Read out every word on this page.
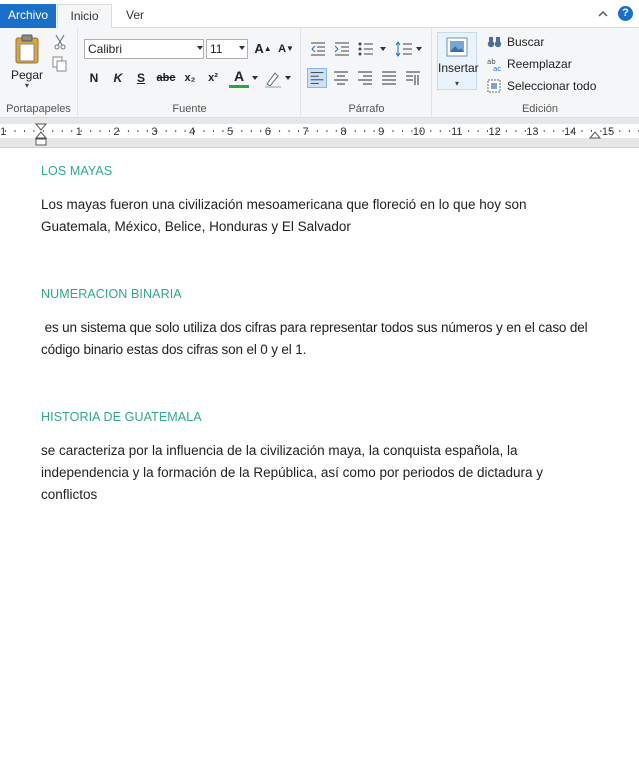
Archivo	Inicio	Ver	?
Pegar
▾
Portapapeles
Calibri	11	A▲ A▼
N	K	S	abc x₂	x²	A
Fuente	Párrafo
Insertar
▾
Buscar
ab
ac Reemplazar
Seleccionar todo
Edición
1	1	2	3	4	5	6	7	8	9	10 11 12 13 14 15
LOS MAYAS
Los mayas fueron una civilización mesoamericana que floreció en lo que hoy son
Guatemala, México, Belice, Honduras y El Salvador
NUMERACION BINARIA
es un sistema que solo utiliza dos cifras para representar todos sus números y en el caso del
código binario estas dos cifras son el 0 y el 1.
HISTORIA DE GUATEMALA
se caracteriza por la influencia de la civilización maya, la conquista española, la
independencia y la formación de la República, así como por periodos de dictadura y
conflictos
